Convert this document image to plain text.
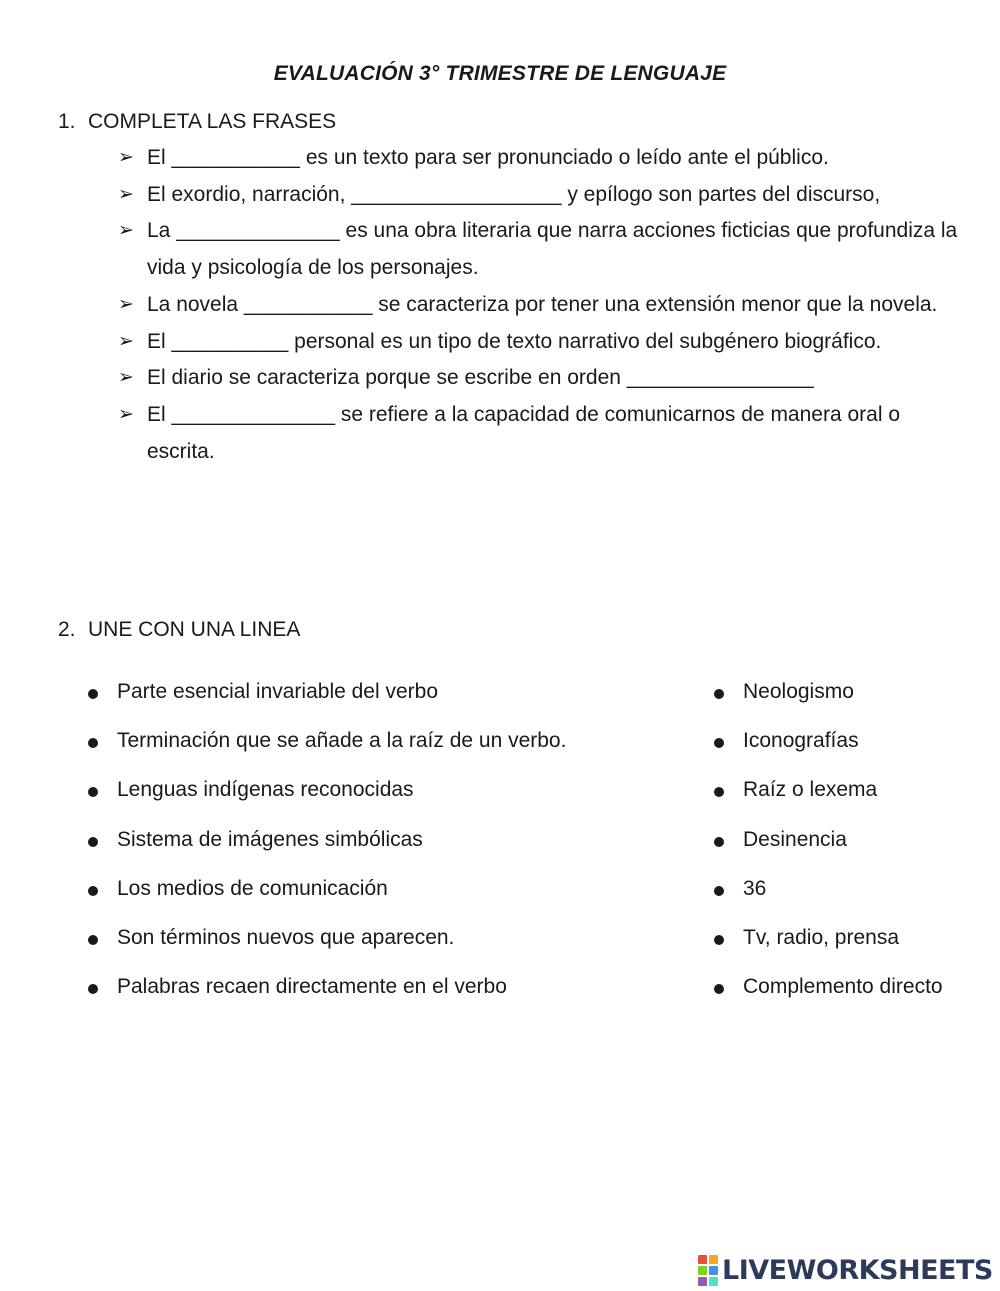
EVALUACIÓN 3° TRIMESTRE DE LENGUAJE
1. COMPLETA LAS FRASES
➢ El ___________ es un texto para ser pronunciado o leído ante el público.
➢ El exordio, narración, __________________ y epílogo son partes del discurso,
➢ La ______________ es una obra literaria que narra acciones ficticias que profundiza la vida y psicología de los personajes.
➢ La novela ___________ se caracteriza por tener una extensión menor que la novela.
➢ El __________ personal es un tipo de texto narrativo del subgénero biográfico.
➢ El diario se caracteriza porque se escribe en orden ________________
➢ El ______________ se refiere a la capacidad de comunicarnos de manera oral o escrita.
2. UNE CON UNA LINEA
Parte esencial invariable del verbo
Terminación que se añade a la raíz de un verbo.
Lenguas indígenas reconocidas
Sistema de imágenes simbólicas
Los medios de comunicación
Son términos nuevos que aparecen.
Palabras recaen directamente en el verbo
Neologismo
Iconografías
Raíz o lexema
Desinencia
36
Tv, radio, prensa
Complemento directo
LIVEWORKSHEETS
